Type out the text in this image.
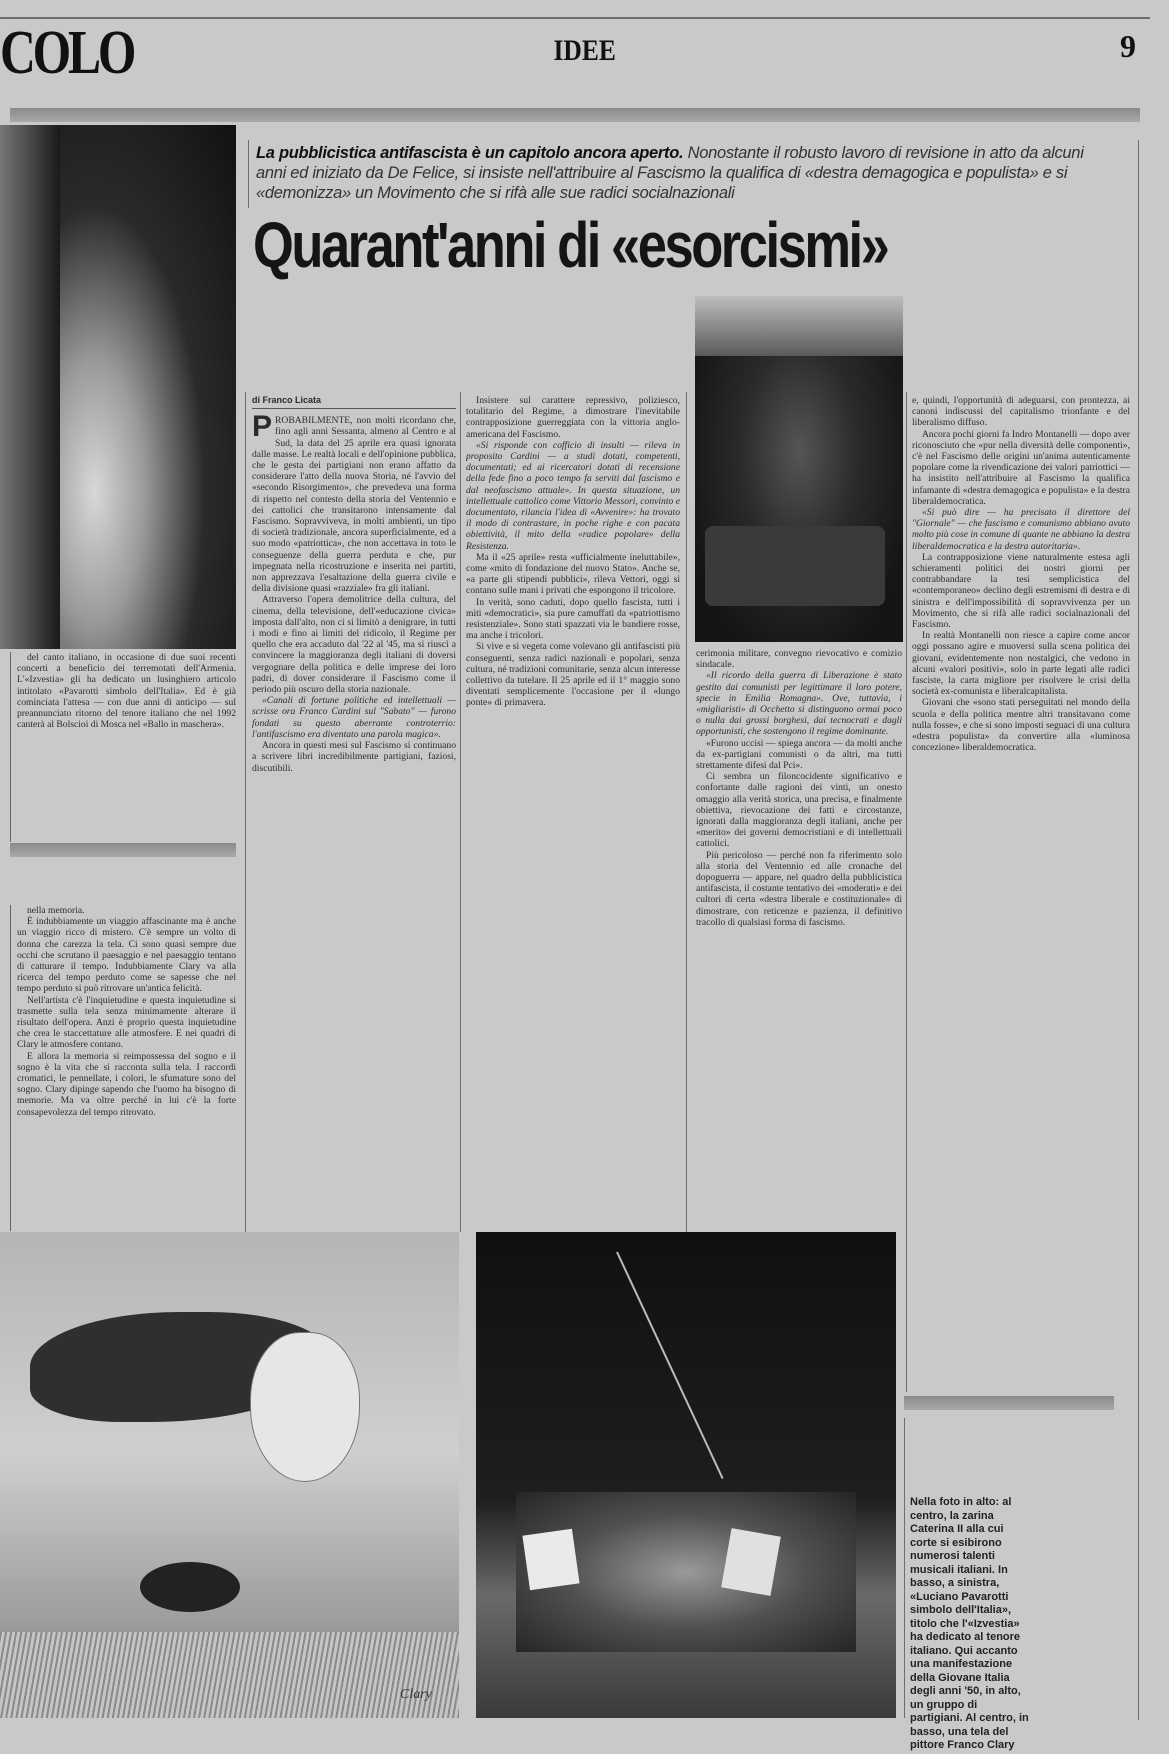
COLO	IDEE	9

del canto italiano, in occasione di due suoi recenti concerti a beneficio dei terremotati dell'Armenia. L'«Izvestia» gli ha dedicato un lusinghiero articolo intitolato «Pavarotti simbolo dell'Italia». Ed è già cominciata l'attesa — con due anni di anticipo — sul preannunciato ritorno del tenore italiano che nel 1992 canterà al Bolscioi di Mosca nel «Ballo in maschera».

nella memoria.

È indubbiamente un viaggio affascinante ma è anche un viaggio ricco di mistero. C'è sempre un volto di donna che carezza la tela. Ci sono quasi sempre due occhi che scrutano il paesaggio e nel paesaggio tentano di catturare il tempo. Indubbiamente Clary va alla ricerca del tempo perduto come se sapesse che nel tempo perduto si può ritrovare un'antica felicità.

Nell'artista c'è l'inquietudine e questa inquietudine si trasmette sulla tela senza minimamente alterare il risultato dell'opera. Anzi è proprio questa inquietudine che crea le staccettature alle atmosfere. E nei quadri di Clary le atmosfere contano.

E allora la memoria si reimpossessa del sogno e il sogno è la vita che si racconta sulla tela. I raccordi cromatici, le pennellate, i colori, le sfumature sono del sogno. Clary dipinge sapendo che l'uomo ha bisogno di memorie. Ma va oltre perché in lui c'è la forte consapevolezza del tempo ritrovato.

La pubblicistica antifascista è un capitolo ancora aperto. Nonostante il robusto lavoro di revisione in atto da alcuni anni ed iniziato da De Felice, si insiste nell'attribuire al Fascismo la qualifica di «destra demagogica e populista» e si «demonizza» un Movimento che si rifà alle sue radici socialnazionali
Quarant'anni di «esorcismi»
di Franco Licata
P ROBABILMENTE, non molti ricordano che, fino agli anni Sessanta, almeno al Centro e al Sud, la data del 25 aprile era quasi ignorata dalle masse. Le realtà locali e dell'opinione pubblica, che le gesta dei partigiani non erano affatto da considerare l'atto della nuova Storia, né l'avvio del «secondo Risorgimento», che prevedeva una forma di rispetto nel contesto della storia del Ventennio e dei cattolici che transitarono intensamente dal Fascismo. Sopravviveva, in molti ambienti, un tipo di società tradizionale, ancora superficialmente, ed a suo modo «patriottica», che non accettava in toto le conseguenze della guerra perduta e che, pur impegnata nella ricostruzione e inserita nei partiti, non apprezzava l'esaltazione della guerra civile e della divisione quasi «razziale» fra gli italiani.

Attraverso l'opera demolitrice della cultura, del cinema, della televisione, dell'«educazione civica» imposta dall'alto, non ci si limitò a denigrare, in tutti i modi e fino ai limiti del ridicolo, il Regime per quello che era accaduto dal '22 al '45, ma si riuscì a convincere la maggioranza degli italiani di doversi vergognare della politica e delle imprese dei loro padri, di dover considerare il Fascismo come il periodo più oscuro della storia nazionale.

«Canali di fortune politiche ed intellettuali — scrisse ora Franco Cardini sul "Sabato" — furono fondati su questo aberrante controterrio: l'antifascismo era diventato una parola magica».

Ancora in questi mesi sul Fascismo si continuano a scrivere libri incredibilmente partigiani, faziosi, discutibili.

Insistere sul carattere repressivo, poliziesco, totalitario del Regime, a dimostrare l'inevitabile contrapposizione guerreggiata con la vittoria anglo-americana del Fascismo.

«Si risponde con cofficio di insulti — rileva in proposito Cardini — a studi dotati, competenti, documentati; ed ai ricercatori dotati di recensione della fede fino a poco tempo fa serviti dal fascismo e dal neofascismo attuale». In questa situazione, un intellettuale cattolico come Vittorio Messori, convinto e documentato, rilancia l'idea di «Avvenire»: ha trovato il modo di contrastare, in poche righe e con pacata obiettività, il mito della «radice popolare» della Resistenza.

Ma il «25 aprile» resta «ufficialmente ineluttabile», come «mito di fondazione del nuovo Stato». Anche se, «a parte gli stipendi pubblici», rileva Vettori, oggi si contano sulle mani i privati che espongono il tricolore.

In verità, sono caduti, dopo quello fascista, tutti i miti «democratici», sia pure camuffati da «patriottismo resistenziale». Sono stati spazzati via le bandiere rosse, ma anche i tricolori.

Si vive e si vegeta come volevano gli antifascisti più conseguenti, senza radici nazionali e popolari, senza cultura, né tradizioni comunitarie, senza alcun interesse collettivo da tutelare. Il 25 aprile ed il 1° maggio sono diventati semplicemente l'occasione per il «lungo ponte» di primavera.

cerimonia militare, convegno rievocativo e comizio sindacale.

«Il ricordo della guerra di Liberazione è stato gestito dai comunisti per legittimare il loro potere, specie in Emilia Romagna». Ove, tuttavia, i «migliaristi» di Occhetto si distinguono ormai poco o nulla dai grossi borghesi, dai tecnocrati e dagli opportunisti, che sostengono il regime dominante.

«Furono uccisi — spiega ancora — da molti anche da ex-partigiani comunisti o da altri, ma tutti strettamente difesi dal Pci».

Ci sembra un filoncocidente significativo e confortante dalle ragioni dei vinti, un onesto omaggio alla verità storica, una precisa, e finalmente obiettiva, rievocazione dei fatti e circostanze, ignorati dalla maggioranza degli italiani, anche per «merito» dei governi democristiani e di intellettuali cattolici.

Più pericoloso — perché non fa riferimento solo alla storia del Ventennio ed alle cronache del dopoguerra — appare, nel quadro della pubblicistica antifascista, il costante tentativo dei «moderati» e dei cultori di certa «destra liberale e costituzionale» di dimostrare, con reticenze e pazienza, il definitivo tracollo di qualsiasi forma di fascismo.

e, quindi, l'opportunità di adeguarsi, con prontezza, ai canoni indiscussi del capitalismo trionfante e del liberalismo diffuso.

Ancora pochi giorni fa Indro Montanelli — dopo aver riconosciuto che «pur nella diversità delle componenti», c'è nel Fascismo delle origini un'anima autenticamente popolare come la rivendicazione dei valori patriottici — ha insistito nell'attribuire al Fascismo la qualifica infamante di «destra demagogica e populista» e la destra liberaldemocratica.

«Si può dire — ha precisato il direttore del "Giornale" — che fascismo e comunismo abbiano avuto molto più cose in comune di quante ne abbiano la destra liberaldemocratica e la destra autoritaria».

La contrapposizione viene naturalmente estesa agli schieramenti politici dei nostri giorni per contrabbandare la tesi semplicistica del «contemporaneo» declino degli estremismi di destra e di sinistra e dell'impossibilità di sopravvivenza per un Movimento, che si rifà alle radici socialnazionali del Fascismo.

In realtà Montanelli non riesce a capire come ancor oggi possano agire e muoversi sulla scena politica dei giovani, evidentemente non nostalgici, che vedono in alcuni «valori positivi», solo in parte legati alle radici fasciste, la carta migliore per risolvere le crisi della società ex-comunista e liberalcapitalista.

Giovani che «sono stati perseguitati nel mondo della scuola e della politica mentre altri transitavano come nulla fosse», e che si sono imposti seguaci di una cultura «destra populista» da convertire alla «luminosa concezione» liberaldemocratica.

Clary
Nella foto in alto: al centro, la zarina Caterina II alla cui corte si esibirono numerosi talenti musicali italiani. In basso, a sinistra, «Luciano Pavarotti simbolo dell'Italia», titolo che l'«Izvestia» ha dedicato al tenore italiano. Qui accanto una manifestazione della Giovane Italia degli anni '50, in alto, un gruppo di partigiani. Al centro, in basso, una tela del pittore Franco Clary
